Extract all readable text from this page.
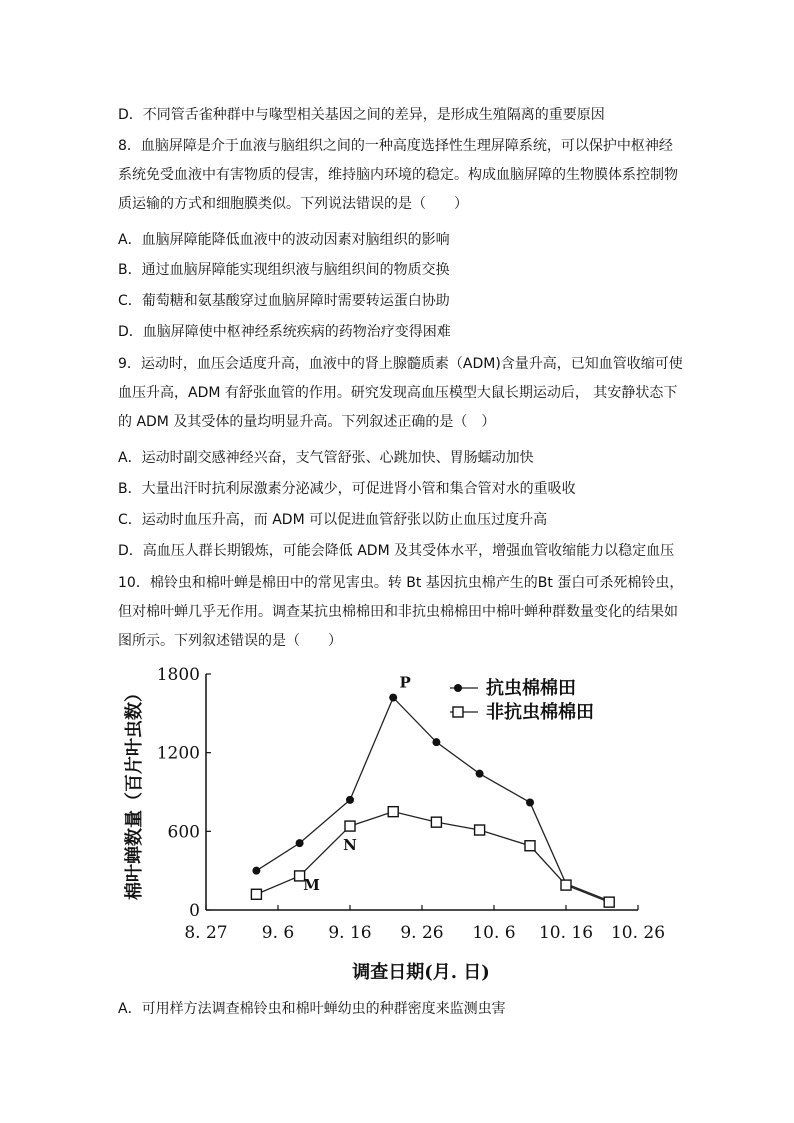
D．不同管舌雀种群中与喙型相关基因之间的差异，是形成生殖隔离的重要原因
8．血脑屏障是介于血液与脑组织之间的一种高度选择性生理屏障系统，可以保护中枢神经
系统免受血液中有害物质的侵害，维持脑内环境的稳定。构成血脑屏障的生物膜体系控制物
质运输的方式和细胞膜类似。下列说法错误的是（　　）
A．血脑屏障能降低血液中的波动因素对脑组织的影响
B．通过血脑屏障能实现组织液与脑组织间的物质交换
C．葡萄糖和氨基酸穿过血脑屏障时需要转运蛋白协助
D．血脑屏障使中枢神经系统疾病的药物治疗变得困难
9．运动时，血压会适度升高，血液中的肾上腺髓质素（ADM)含量升高，已知血管收缩可使
血压升高，ADM 有舒张血管的作用。研究发现高血压模型大鼠长期运动后， 其安静状态下
的 ADM 及其受体的量均明显升高。下列叙述正确的是（　）
A．运动时副交感神经兴奋，支气管舒张、心跳加快、胃肠蠕动加快
B．大量出汗时抗利尿激素分泌减少，可促进肾小管和集合管对水的重吸收
C．运动时血压升高，而 ADM 可以促进血管舒张以防止血压过度升高
D．高血压人群长期锻炼，可能会降低 ADM 及其受体水平，增强血管收缩能力以稳定血压
10．棉铃虫和棉叶蝉是棉田中的常见害虫。转 Bt 基因抗虫棉产生的Bt 蛋白可杀死棉铃虫，
但对棉叶蝉几乎无作用。调查某抗虫棉棉田和非抗虫棉棉田中棉叶蝉种群数量变化的结果如
图所示。下列叙述错误的是（　　）
抗虫棉棉田
非抗虫棉棉田
0
600
1200
1800
8. 27 9. 6 9. 16 9. 26 10. 6 10. 16 10. 26
调查日期(月. 日)
棉叶蝉数量（百片叶虫数）
P
M
N
A．可用样方法调查棉铃虫和棉叶蝉幼虫的种群密度来监测虫害
